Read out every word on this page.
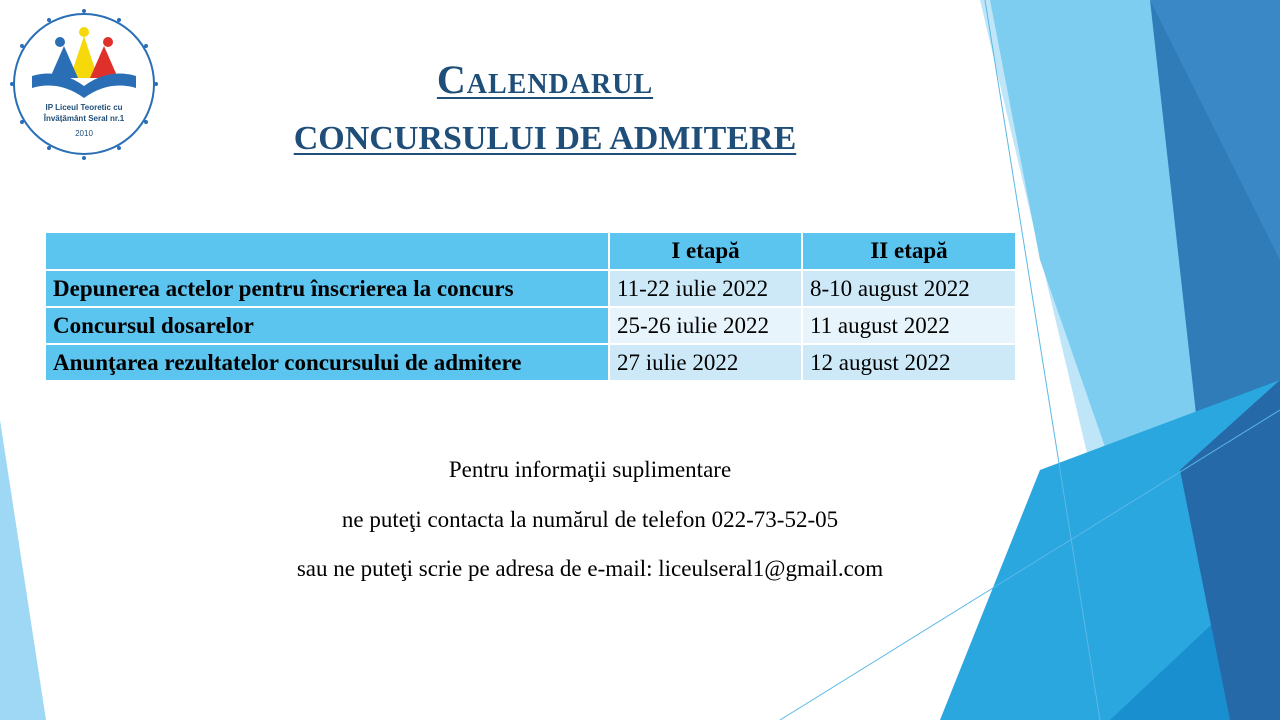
IP Liceul Teoretic cu
Învățământ Seral nr.1
2010
Calendarul
CONCURSULUI DE ADMITERE
	I etapă	II etapă
Depunerea actelor pentru înscrierea la concurs	11-22 iulie 2022	8-10 august 2022
Concursul dosarelor	25-26 iulie 2022	11 august 2022
Anunţarea rezultatelor concursului de admitere	27 iulie 2022	12 august 2022
Pentru informaţii suplimentare
ne puteţi contacta la numărul de telefon 022-73-52-05
sau ne puteţi scrie pe adresa de e-mail: liceulseral1@gmail.com
